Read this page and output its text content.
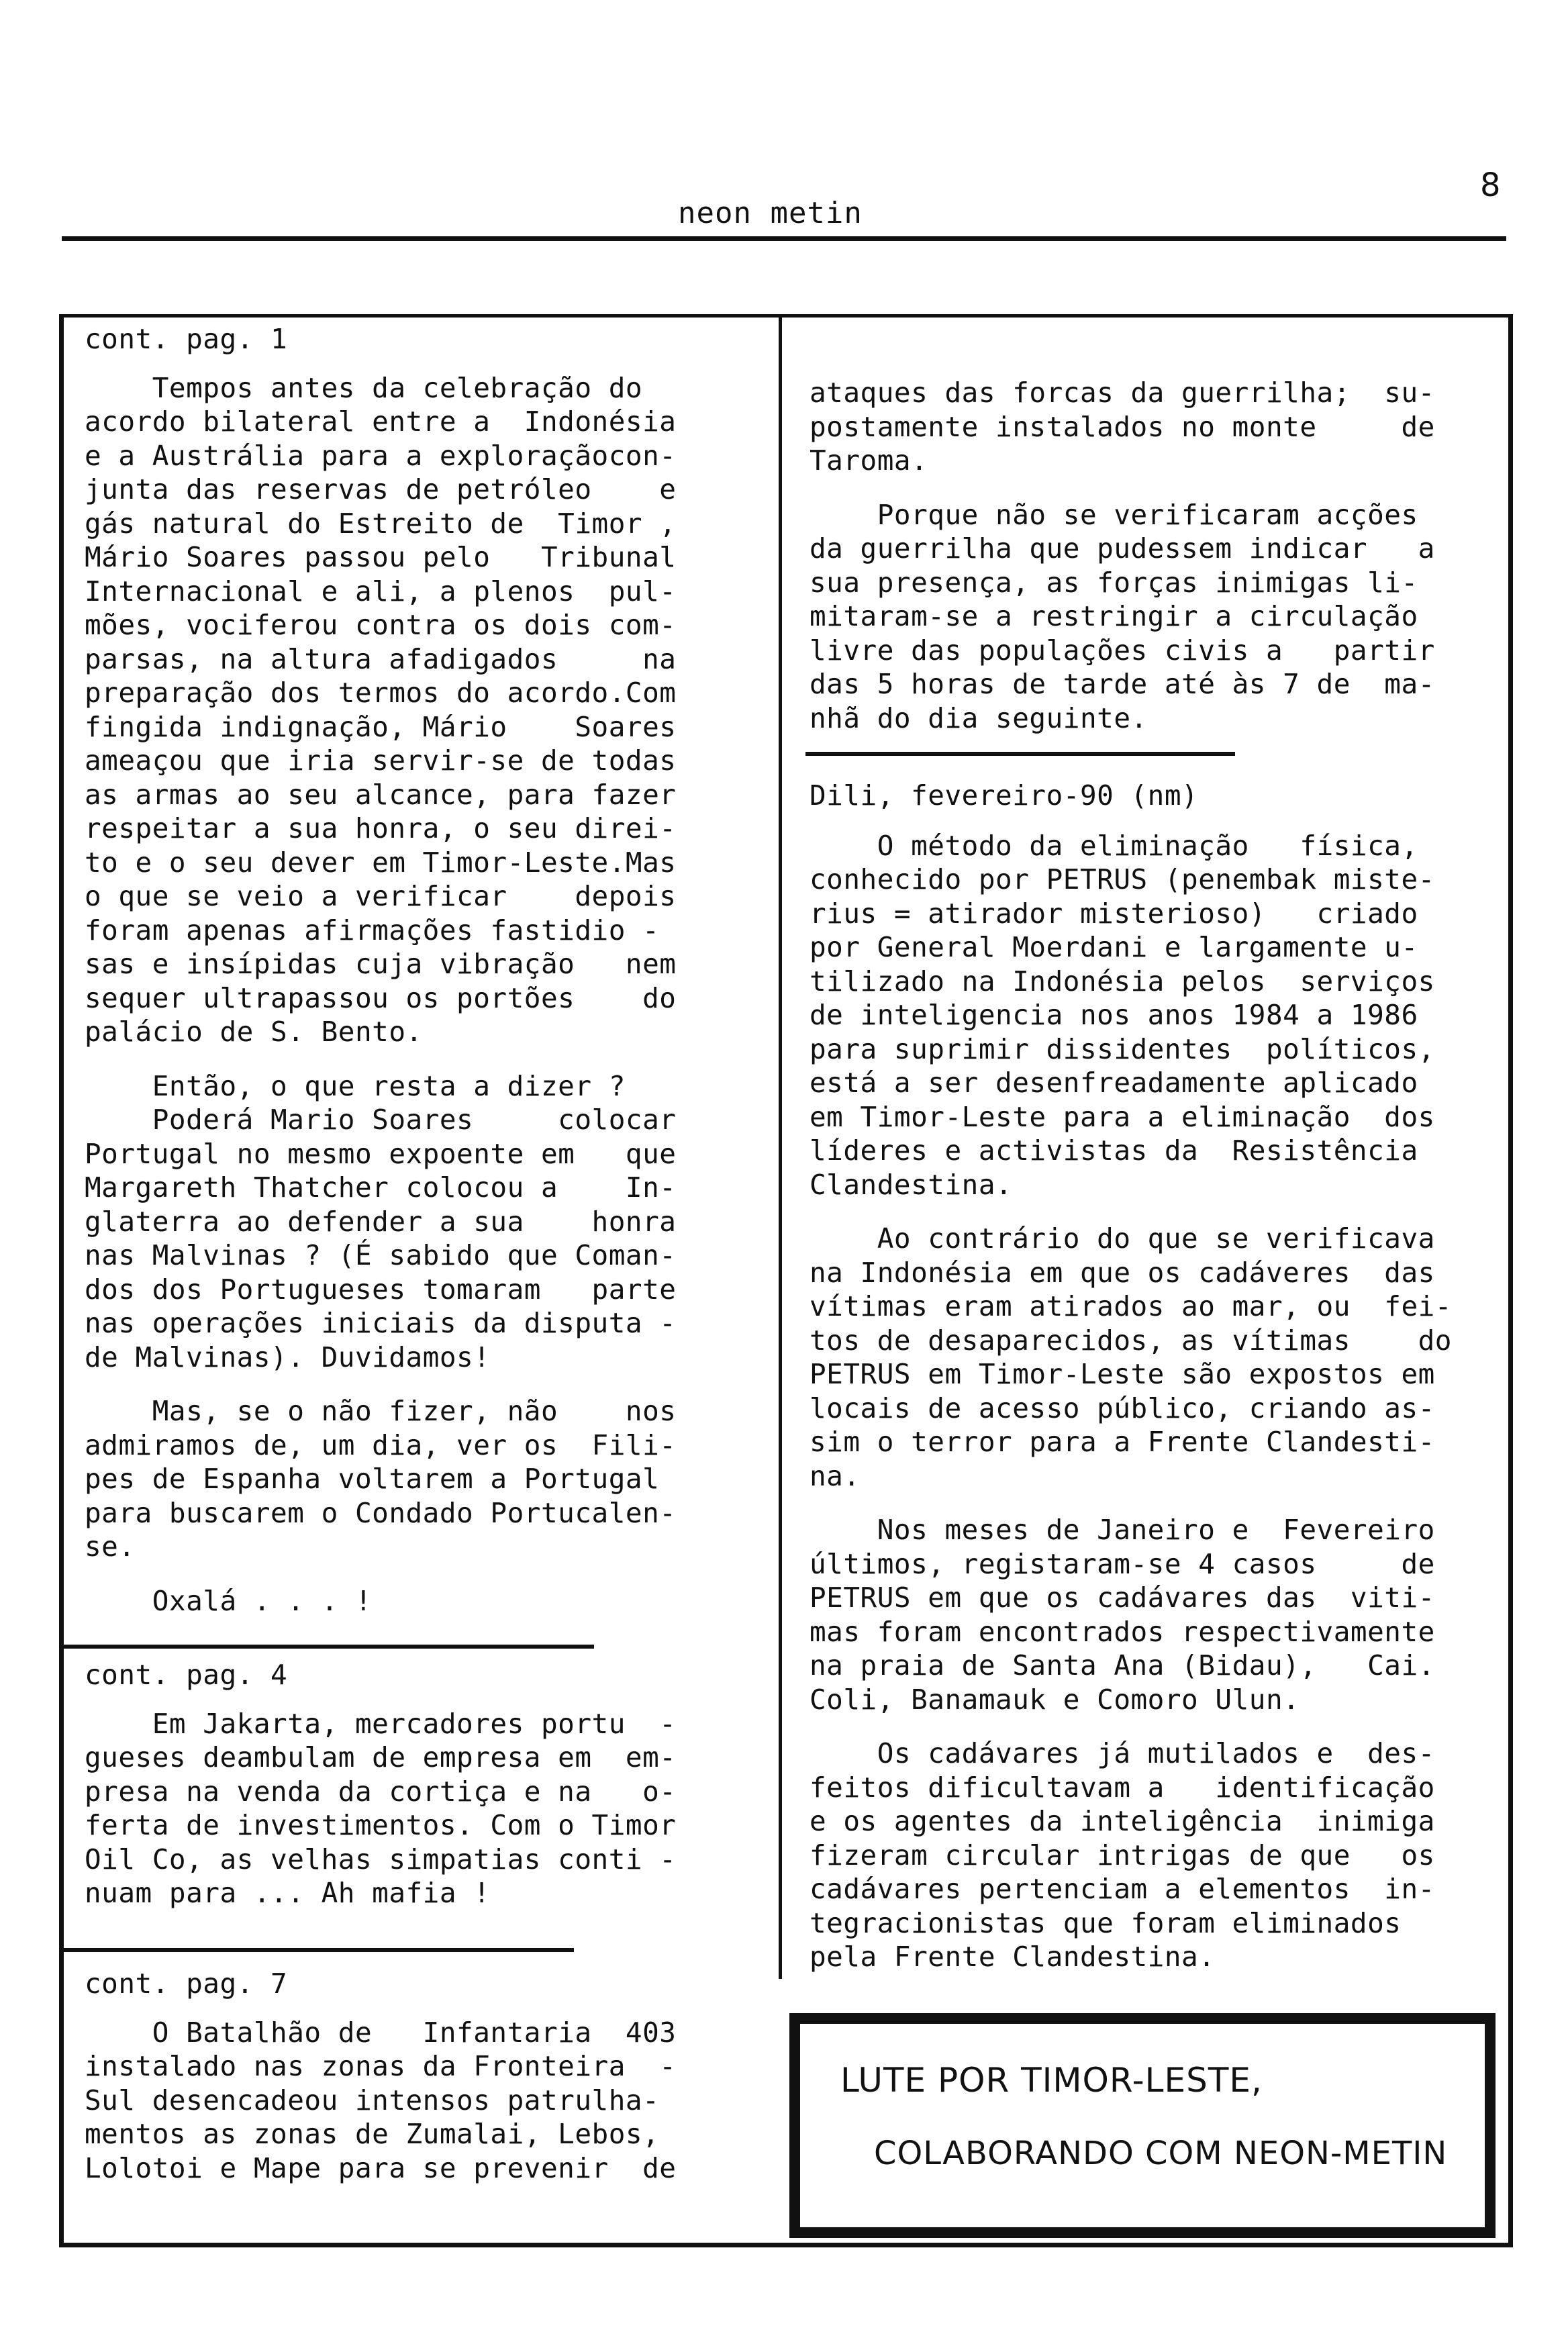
neon metin
8

cont. pag. 1

Tempos antes da celebração do

acordo bilateral entre a  Indonésia

e a Austrália para a exploraçãocon-

junta das reservas de petróleo    e

gás natural do Estreito de  Timor ,

Mário Soares passou pelo   Tribunal

Internacional e ali, a plenos  pul-

mões, vociferou contra os dois com-

parsas, na altura afadigados     na

preparação dos termos do acordo.Com

fingida indignação, Mário    Soares

ameaçou que iria servir-se de todas

as armas ao seu alcance, para fazer

respeitar a sua honra, o seu direi-

to e o seu dever em Timor-Leste.Mas

o que se veio a verificar    depois

foram apenas afirmações fastidio -

sas e insípidas cuja vibração   nem

sequer ultrapassou os portões    do

palácio de S. Bento.

Então, o que resta a dizer ?

Poderá Mario Soares     colocar

Portugal no mesmo expoente em   que

Margareth Thatcher colocou a    In-

glaterra ao defender a sua    honra

nas Malvinas ? (É sabido que Coman-

dos dos Portugueses tomaram   parte

nas operações iniciais da disputa -

de Malvinas). Duvidamos!

Mas, se o não fizer, não    nos

admiramos de, um dia, ver os  Fili-

pes de Espanha voltarem a Portugal

para buscarem o Condado Portucalen-

se.

Oxalá . . . !

cont. pag. 4

Em Jakarta, mercadores portu  -

gueses deambulam de empresa em  em-

presa na venda da cortiça e na   o-

ferta de investimentos. Com o Timor

Oil Co, as velhas simpatias conti -

nuam para ... Ah mafia !

cont. pag. 7

O Batalhão de   Infantaria  403

instalado nas zonas da Fronteira  -

Sul desencadeou intensos patrulha-

mentos as zonas de Zumalai, Lebos,

Lolotoi e Mape para se prevenir  de

ataques das forcas da guerrilha;  su-

postamente instalados no monte     de

Taroma.

Porque não se verificaram acções

da guerrilha que pudessem indicar   a

sua presença, as forças inimigas li-

mitaram-se a restringir a circulação

livre das populações civis a   partir

das 5 horas de tarde até às 7 de  ma-

nhã do dia seguinte.

Dili, fevereiro-90 (nm)

O método da eliminação   física,

conhecido por PETRUS (penembak miste-

rius = atirador misterioso)   criado

por General Moerdani e largamente u-

tilizado na Indonésia pelos  serviços

de inteligencia nos anos 1984 a 1986

para suprimir dissidentes  políticos,

está a ser desenfreadamente aplicado

em Timor-Leste para a eliminação  dos

líderes e activistas da  Resistência

Clandestina.

Ao contrário do que se verificava

na Indonésia em que os cadáveres  das

vítimas eram atirados ao mar, ou  fei-

tos de desaparecidos, as vítimas    do

PETRUS em Timor-Leste são expostos em

locais de acesso público, criando as-

sim o terror para a Frente Clandesti-

na.

Nos meses de Janeiro e  Fevereiro

últimos, registaram-se 4 casos     de

PETRUS em que os cadávares das  viti-

mas foram encontrados respectivamente

na praia de Santa Ana (Bidau),   Cai.

Coli, Banamauk e Comoro Ulun.

Os cadávares já mutilados e  des-

feitos dificultavam a   identificação

e os agentes da inteligência  inimiga

fizeram circular intrigas de que   os

cadávares pertenciam a elementos  in-

tegracionistas que foram eliminados

pela Frente Clandestina.

LUTE POR TIMOR-LESTE,
COLABORANDO COM NEON-METIN
